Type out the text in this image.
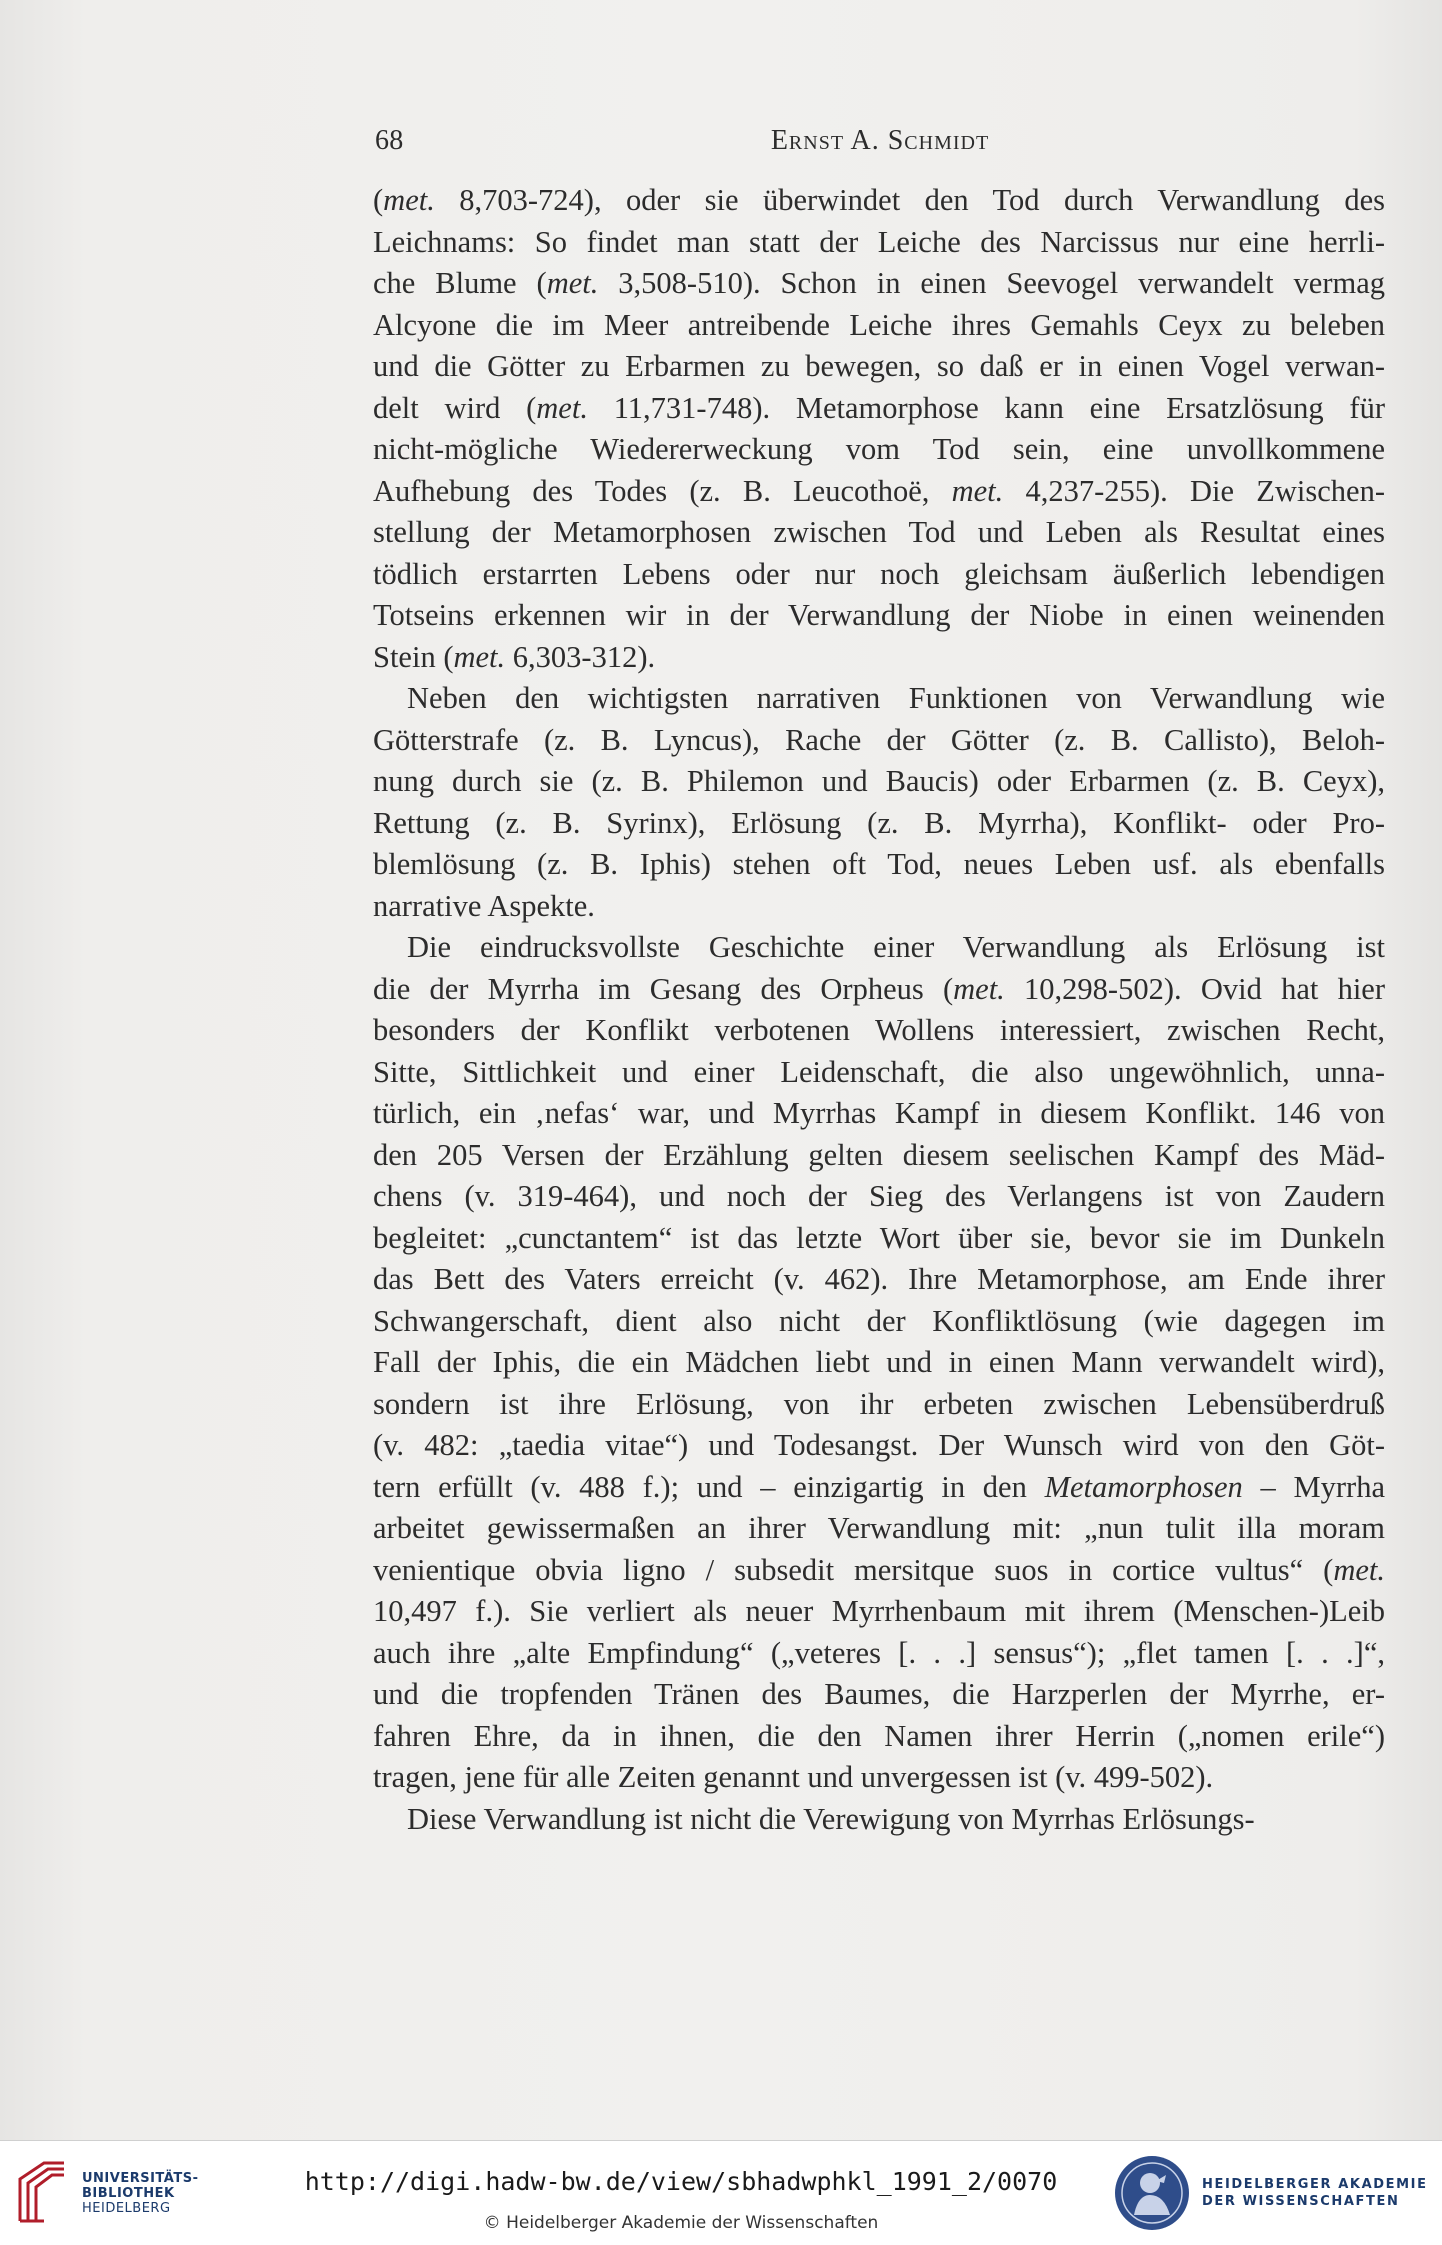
68	Ernst A. Schmidt
(met. 8,703-724), oder sie überwindet den Tod durch Verwandlung des
Leichnams: So findet man statt der Leiche des Narcissus nur eine herrli-
che Blume (met. 3,508-510). Schon in einen Seevogel verwandelt vermag
Alcyone die im Meer antreibende Leiche ihres Gemahls Ceyx zu beleben
und die Götter zu Erbarmen zu bewegen, so daß er in einen Vogel verwan-
delt wird (met. 11,731-748). Metamorphose kann eine Ersatzlösung für
nicht-mögliche Wiedererweckung vom Tod sein, eine unvollkommene
Aufhebung des Todes (z. B. Leucothoë, met. 4,237-255). Die Zwischen-
stellung der Metamorphosen zwischen Tod und Leben als Resultat eines
tödlich erstarrten Lebens oder nur noch gleichsam äußerlich lebendigen
Totseins erkennen wir in der Verwandlung der Niobe in einen weinenden
Stein (met. 6,303-312).
Neben den wichtigsten narrativen Funktionen von Verwandlung wie
Götterstrafe (z. B. Lyncus), Rache der Götter (z. B. Callisto), Beloh-
nung durch sie (z. B. Philemon und Baucis) oder Erbarmen (z. B. Ceyx),
Rettung (z. B. Syrinx), Erlösung (z. B. Myrrha), Konflikt- oder Pro-
blemlösung (z. B. Iphis) stehen oft Tod, neues Leben usf. als ebenfalls
narrative Aspekte.
Die eindrucksvollste Geschichte einer Verwandlung als Erlösung ist
die der Myrrha im Gesang des Orpheus (met. 10,298-502). Ovid hat hier
besonders der Konflikt verbotenen Wollens interessiert, zwischen Recht,
Sitte, Sittlichkeit und einer Leidenschaft, die also ungewöhnlich, unna-
türlich, ein ‚nefas‘ war, und Myrrhas Kampf in diesem Konflikt. 146 von
den 205 Versen der Erzählung gelten diesem seelischen Kampf des Mäd-
chens (v. 319-464), und noch der Sieg des Verlangens ist von Zaudern
begleitet: „cunctantem“ ist das letzte Wort über sie, bevor sie im Dunkeln
das Bett des Vaters erreicht (v. 462). Ihre Metamorphose, am Ende ihrer
Schwangerschaft, dient also nicht der Konfliktlösung (wie dagegen im
Fall der Iphis, die ein Mädchen liebt und in einen Mann verwandelt wird),
sondern ist ihre Erlösung, von ihr erbeten zwischen Lebensüberdruß
(v. 482: „taedia vitae“) und Todesangst. Der Wunsch wird von den Göt-
tern erfüllt (v. 488 f.); und – einzigartig in den Metamorphosen – Myrrha
arbeitet gewissermaßen an ihrer Verwandlung mit: „nun tulit illa moram
venientique obvia ligno / subsedit mersitque suos in cortice vultus“ (met.
10,497 f.). Sie verliert als neuer Myrrhenbaum mit ihrem (Menschen-)Leib
auch ihre „alte Empfindung“ („veteres [. . .] sensus“); „flet tamen [. . .]“,
und die tropfenden Tränen des Baumes, die Harzperlen der Myrrhe, er-
fahren Ehre, da in ihnen, die den Namen ihrer Herrin („nomen erile“)
tragen, jene für alle Zeiten genannt und unvergessen ist (v. 499-502).
Diese Verwandlung ist nicht die Verewigung von Myrrhas Erlösungs-
UNIVERSITÄTS-
BIBLIOTHEK
HEIDELBERG
http://digi.hadw-bw.de/view/sbhadwphkl_1991_2/0070
© Heidelberger Akademie der Wissenschaften
HEIDELBERGER AKADEMIE
DER WISSENSCHAFTEN
